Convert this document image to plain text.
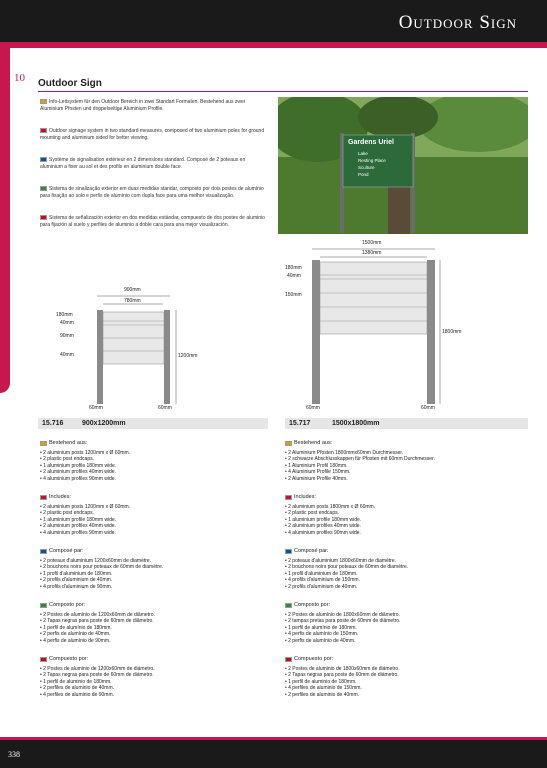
Outdoor Sign
10 Outdoor Sign
Info-Leitsystem für den Outdoor Bereich in zwei Standart Formaten. Bestehend aus zwei Aluminium Pfosten und doppelseitige Aluminium Profile.
Outdoor signage system in two standard measures, composed of two aluminium poles for ground mounting and aluminium sided for better viewing.
Système de signalisation extérieur en 2 dimensions standard. Composé de 2 poteaux en aluminium a fixer au sol et des profils en aluminium double face.
Sistema de sinalização exterior em duas medidas standar, composto por dois postes de alumínio para fixação ao solo e perfis de alumínio com dupla face para uma melhor visualização.
Sistema de señalización exterior en dos medidas estándar, compuesto de dos postes de aluminio para fijación al suelo y perfiles de aluminio a doble cara para una mejor visualización.
Gardens Uriel
Lake
Resting Place
Sculture
Pond
900mm
780mm
180mm
40mm
90mm
40mm	1200mm
60mm	60mm
1500mm
1380mm
180mm
40mm
150mm
1800mm
60mm	60mm
15.716	900x1200mm	15.717	1500x1800mm
Bestehend aus:
• 2 aluminium posts 1200mm x Ø 60mm.
• 2 plastic post endcaps.
• 1 aluminium profile 180mm wide.
• 2 aluminium profiles 40mm wide.
• 4 aluminium profiles 90mm wide.
Includes:
• 2 aluminium posts 1200mm x Ø 60mm.
• 2 plastic post endcaps.
• 1 aluminium profile 180mm wide.
• 2 aluminium profiles 40mm wide.
• 4 aluminium profiles 90mm wide.
Composé par:
• 2 poteaux d'aluminium 1200x60mm de diamètre.
• 2 bouchons noirs pour poteaux de 60mm de diamètre.
• 1 profil d'aluminium de 180mm.
• 2 profils d'aluminium de 40mm.
• 4 profils d'aluminium de 90mm.
Composto por:
• 2 Postes de alumínio de 1200x60mm de diâmetro.
• 2 Tapas negras para poste de 60mm de diâmetro.
• 1 perfil de alumínio de 180mm.
• 2 perfis de alumínio de 40mm.
• 4 perfis de alumínio de 90mm.
Compuesto por:
• 2 Postes de aluminio de 1200x60mm de diámetro.
• 2 Tapas negras para poste de 60mm de diámetro.
• 1 perfil de aluminio de 180mm.
• 2 perfiles de aluminio de 40mm.
• 4 perfiles de aluminio de 90mm.
Bestehend aus:
• 2 Aluminium Pfosten 1800mmx60mm Durchmesser.
• 2 schwarze Abschlusskappen für Pfosten mit 60mm Durchmesser.
• 1 Aluminium Profil 180mm.
• 4 Aluminium Profile 150mm.
• 2 Aluminium Profile 40mm.
Includes:
• 2 aluminium posts 1800mm x Ø 60mm.
• 2 plastic post endcaps.
• 1 aluminium profile 180mm wide.
• 2 aluminium profiles 40mm wide.
• 4 aluminium profiles 90mm wide.
Composé par:
• 2 poteaux d'aluminium 1800x60mm de diamètre.
• 2 bouchons noirs pour poteaux de 60mm de diamètre.
• 1 profil d'aluminium de 180mm.
• 4 profils d'aluminium de 150mm.
• 2 profils d'aluminium de 40mm.
Composto por:
• 2 Postes de alumínio de 1800x60mm de diâmetro.
• 2 tampas pretas para poste de 60mm de diâmetro.
• 1 perfil de alumínio de 180mm.
• 4 perfis de alumínio de 150mm.
• 2 perfis de alumínio de 40mm.
Compuesto por:
• 2 Postes de aluminio de 1800x60mm de diámetro.
• 2 Tapas negras para poste de 60mm de diámetro.
• 1 perfil de aluminio de 180mm.
• 4 perfiles de aluminio de 150mm.
• 2 perfiles de aluminio de 40mm.
338
